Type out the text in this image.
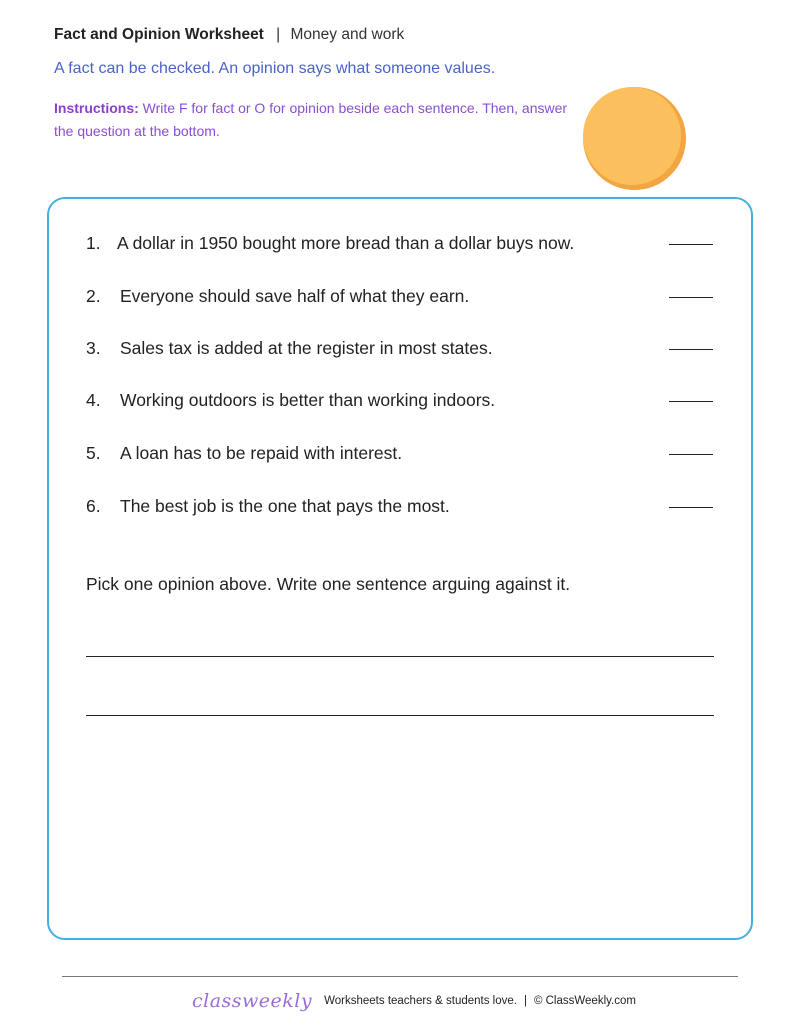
Fact and Opinion Worksheet | Money and work
A fact can be checked. An opinion says what someone values.
Instructions: Write F for fact or O for opinion beside each sentence. Then, answer the question at the bottom.
1. A dollar in 1950 bought more bread than a dollar buys now.
2. Everyone should save half of what they earn.
3. Sales tax is added at the register in most states.
4. Working outdoors is better than working indoors.
5. A loan has to be repaid with interest.
6. The best job is the one that pays the most.
Pick one opinion above. Write one sentence arguing against it.
classweekly Worksheets teachers & students love. | © ClassWeekly.com
